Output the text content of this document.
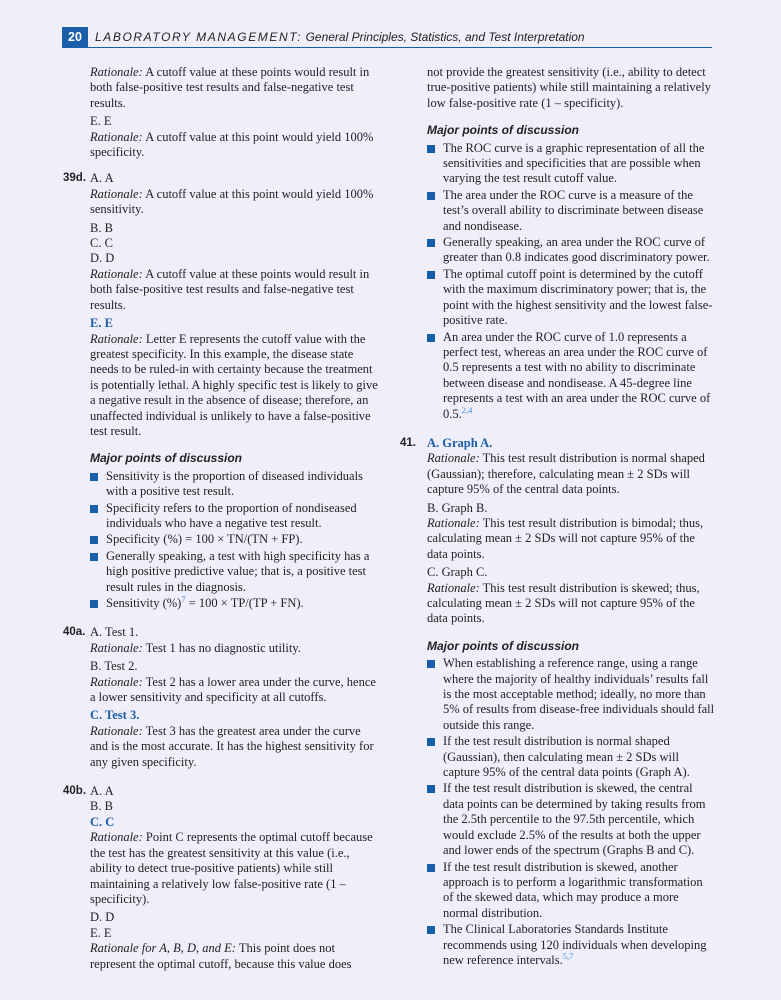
20	LABORATORY MANAGEMENT: General Principles, Statistics, and Test Interpretation

Rationale: A cutoff value at these points would result in both false-positive test results and false-negative test results.

E. E

Rationale: A cutoff value at this point would yield 100% specificity.

39d. A. A

Rationale: A cutoff value at this point would yield 100% sensitivity.

B. B

C. C

D. D

Rationale: A cutoff value at these points would result in both false-positive test results and false-negative test results.

E. E

Rationale: Letter E represents the cutoff value with the greatest specificity. In this example, the disease state needs to be ruled-in with certainty because the treatment is potentially lethal. A highly specific test is likely to give a negative result in the absence of disease; therefore, an unaffected individual is unlikely to have a false-positive test result.

Major points of discussion
Sensitivity is the proportion of diseased individuals with a positive test result.
Specificity refers to the proportion of nondiseased individuals who have a negative test result.
Specificity (%) = 100 × TN/(TN + FP).
Generally speaking, a test with high specificity has a high positive predictive value; that is, a positive test result rules in the diagnosis.
Sensitivity (%)$^7$ = 100 × TP/(TP + FN).
40a. A. Test 1.

Rationale: Test 1 has no diagnostic utility.

B. Test 2.

Rationale: Test 2 has a lower area under the curve, hence a lower sensitivity and specificity at all cutoffs.

C. Test 3.

Rationale: Test 3 has the greatest area under the curve and is the most accurate. It has the highest sensitivity for any given specificity.

40b. A. A

B. B

C. C

Rationale: Point C represents the optimal cutoff because the test has the greatest sensitivity at this value (i.e., ability to detect true-positive patients) while still maintaining a relatively low false-positive rate (1 – specificity).

D. D

E. E

Rationale for A, B, D, and E: This point does not represent the optimal cutoff, because this value does

not provide the greatest sensitivity (i.e., ability to detect true-positive patients) while still maintaining a relatively low false-positive rate (1 – specificity).

Major points of discussion
The ROC curve is a graphic representation of all the sensitivities and specificities that are possible when varying the test result cutoff value.
The area under the ROC curve is a measure of the test’s overall ability to discriminate between disease and nondisease.
Generally speaking, an area under the ROC curve of greater than 0.8 indicates good discriminatory power.
The optimal cutoff point is determined by the cutoff with the maximum discriminatory power; that is, the point with the highest sensitivity and the lowest false-positive rate.
An area under the ROC curve of 1.0 represents a perfect test, whereas an area under the ROC curve of 0.5 represents a test with no ability to discriminate between disease and nondisease. A 45-degree line represents a test with an area under the ROC curve of 0.5.$^{2,4}$
41. A. Graph A.

Rationale: This test result distribution is normal shaped (Gaussian); therefore, calculating mean ± 2 SDs will capture 95% of the central data points.

B. Graph B.

Rationale: This test result distribution is bimodal; thus, calculating mean ± 2 SDs will not capture 95% of the data points.

C. Graph C.

Rationale: This test result distribution is skewed; thus, calculating mean ± 2 SDs will not capture 95% of the data points.

Major points of discussion
When establishing a reference range, using a range where the majority of healthy individuals’ results fall is the most acceptable method; ideally, no more than 5% of results from disease-free individuals should fall outside this range.
If the test result distribution is normal shaped (Gaussian), then calculating mean ± 2 SDs will capture 95% of the central data points (Graph A).
If the test result distribution is skewed, the central data points can be determined by taking results from the 2.5th percentile to the 97.5th percentile, which would exclude 2.5% of the results at both the upper and lower ends of the spectrum (Graphs B and C).
If the test result distribution is skewed, another approach is to perform a logarithmic transformation of the skewed data, which may produce a more normal distribution.
The Clinical Laboratories Standards Institute recommends using 120 individuals when developing new reference intervals.$^{5,7}$
